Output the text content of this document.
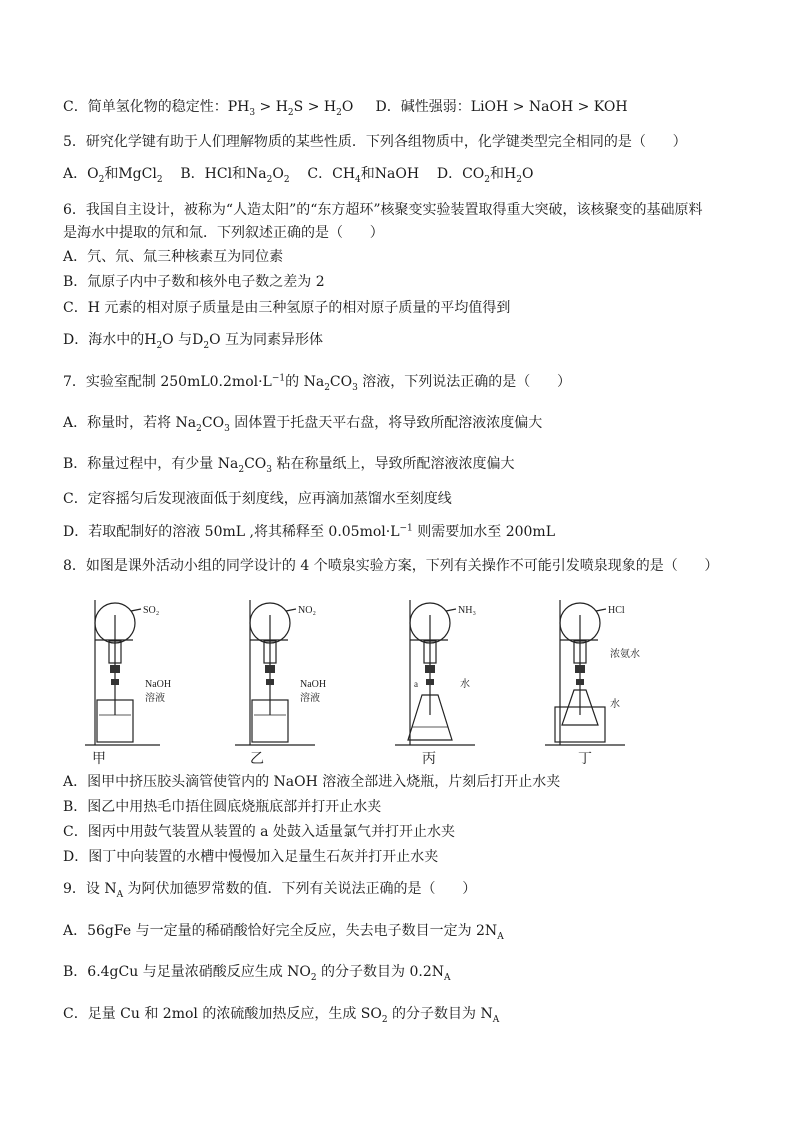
C．简单氢化物的稳定性：$PH_3 > H_2S > H_2O$     D．碱性强弱：LiOH > NaOH > KOH
5．研究化学键有助于人们理解物质的某些性质．下列各组物质中，化学键类型完全相同的是（      ）
A．$O_2$和MgCl$_2$    B．HCl和$Na_2O_2$    C．$CH_4$和NaOH    D．$CO_2$和$H_2O$
6．我国自主设计，被称为“人造太阳”的“东方超环”核聚变实验装置取得重大突破，该核聚变的基础原料
是海水中提取的氘和氚．下列叙述正确的是（      ）
A．氕、氘、氚三种核素互为同位素
B．氚原子内中子数和核外电子数之差为 2
C．H 元素的相对原子质量是由三种氢原子的相对原子质量的平均值得到
D．海水中的$H_2O$ 与$D_2O$ 互为同素异形体
7．实验室配制 $250mL0.2mol\cdot L^{-1}$的 $Na_2CO_3$ 溶液，下列说法正确的是（      ）
A．称量时，若将 $Na_2CO_3$ 固体置于托盘天平右盘，将导致所配溶液浓度偏大
B．称量过程中，有少量 $Na_2CO_3$ 粘在称量纸上，导致所配溶液浓度偏大
C．定容摇匀后发现液面低于刻度线，应再滴加蒸馏水至刻度线
D．若取配制好的溶液 50mL ,将其稀释至 $0.05mol\cdot L^{-1}$ 则需要加水至 200mL
8．如图是课外活动小组的同学设计的 4 个喷泉实验方案，下列有关操作不可能引发喷泉现象的是（      ）
A．图甲中挤压胶头滴管使管内的 NaOH 溶液全部进入烧瓶，片刻后打开止水夹
B．图乙中用热毛巾捂住圆底烧瓶底部并打开止水夹
C．图丙中用鼓气装置从装置的 a 处鼓入适量氯气并打开止水夹
D．图丁中向装置的水槽中慢慢加入足量生石灰并打开止水夹
9．设 $N_A$ 为阿伏加德罗常数的值．下列有关说法正确的是（      ）
A．56gFe 与一定量的稀硝酸恰好完全反应，失去电子数目一定为 $2N_A$
B．6.4gCu 与足量浓硝酸反应生成 $NO_2$ 的分子数目为 $0.2N_A$
C．足量 Cu 和 2mol 的浓硫酸加热反应，生成 $SO_2$ 的分子数目为 $N_A$
SO₂
NaOH
溶液
NO₂
NaOH
溶液
NH₃
a	水
HCl
浓氨水
水
甲	乙	丙	丁
